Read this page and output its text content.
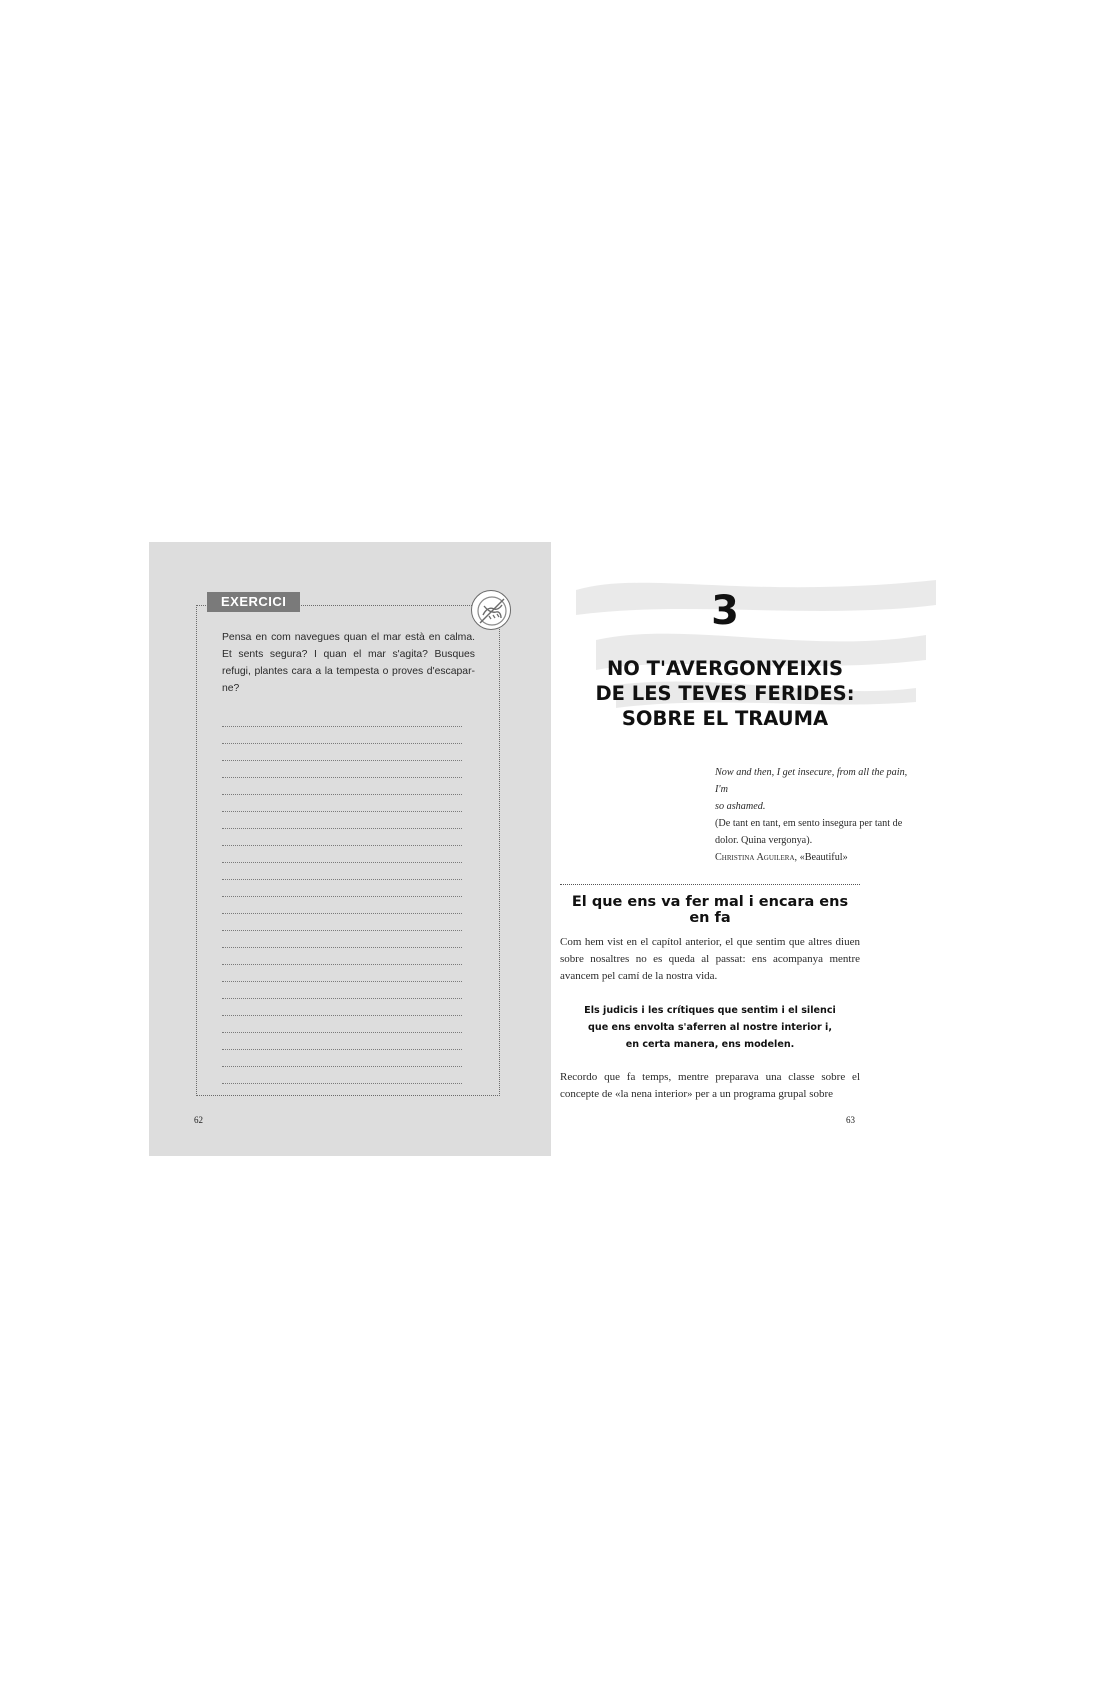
EXERCICI
Pensa en com navegues quan el mar està en calma. Et sents segura? I quan el mar s'agita? Busques refugi, plantes cara a la tempesta o proves d'escapar-ne?
62
3
NO T'AVERGONYEIXIS
DE LES TEVES FERIDES:
SOBRE EL TRAUMA
Now and then, I get insecure, from all the pain, I'm
so ashamed.
(De tant en tant, em sento insegura per tant de
dolor. Quina vergonya).
Christina Aguilera, «Beautiful»
El que ens va fer mal i encara ens en fa
Com hem vist en el capítol anterior, el que sentim que altres diuen sobre nosaltres no es queda al passat: ens acompanya mentre avancem pel camí de la nostra vida.
Els judicis i les crítiques que sentim i el silenci
que ens envolta s'aferren al nostre interior i,
en certa manera, ens modelen.
Recordo que fa temps, mentre preparava una classe sobre el concepte de «la nena interior» per a un programa grupal sobre
63
